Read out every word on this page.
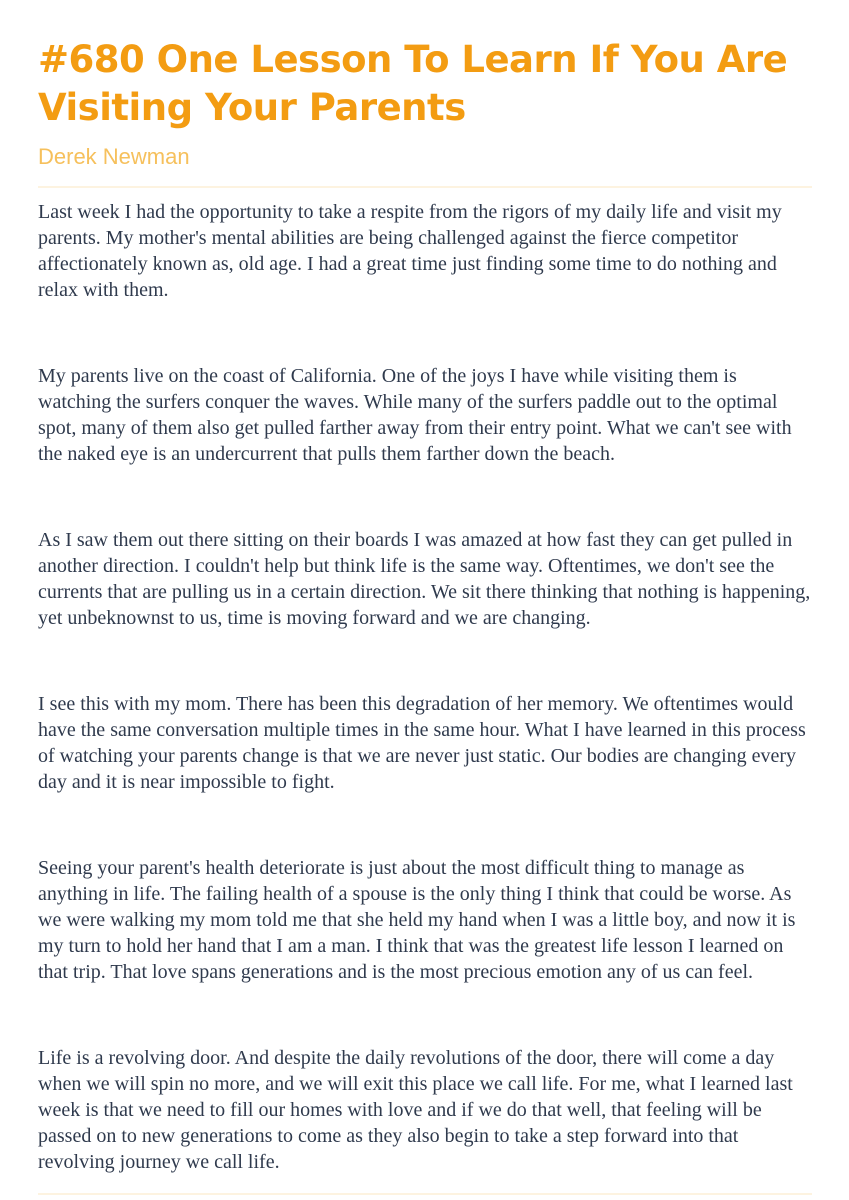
#680 One Lesson To Learn If You Are Visiting Your Parents
Derek Newman

Last week I had the opportunity to take a respite from the rigors of my daily life and visit my parents. My mother's mental abilities are being challenged against the fierce competitor affectionately known as, old age. I had a great time just finding some time to do nothing and relax with them.

My parents live on the coast of California. One of the joys I have while visiting them is watching the surfers conquer the waves. While many of the surfers paddle out to the optimal spot, many of them also get pulled farther away from their entry point. What we can't see with the naked eye is an undercurrent that pulls them farther down the beach.

As I saw them out there sitting on their boards I was amazed at how fast they can get pulled in another direction. I couldn't help but think life is the same way. Oftentimes, we don't see the currents that are pulling us in a certain direction. We sit there thinking that nothing is happening, yet unbeknownst to us, time is moving forward and we are changing.

I see this with my mom. There has been this degradation of her memory. We oftentimes would have the same conversation multiple times in the same hour. What I have learned in this process of watching your parents change is that we are never just static. Our bodies are changing every day and it is near impossible to fight.

Seeing your parent's health deteriorate is just about the most difficult thing to manage as anything in life. The failing health of a spouse is the only thing I think that could be worse. As we were walking my mom told me that she held my hand when I was a little boy, and now it is my turn to hold her hand that I am a man. I think that was the greatest life lesson I learned on that trip. That love spans generations and is the most precious emotion any of us can feel.

Life is a revolving door. And despite the daily revolutions of the door, there will come a day when we will spin no more, and we will exit this place we call life. For me, what I learned last week is that we need to fill our homes with love and if we do that well, that feeling will be passed on to new generations to come as they also begin to take a step forward into that revolving journey we call life.
